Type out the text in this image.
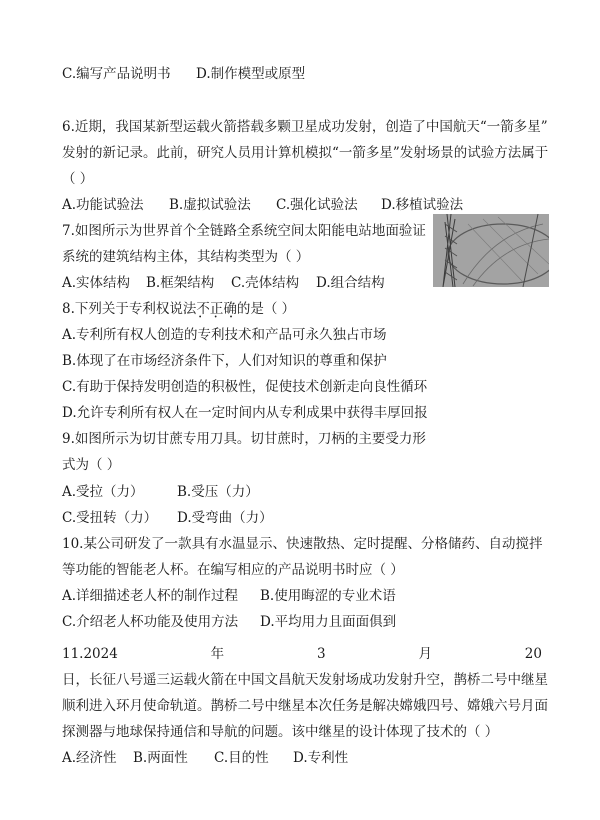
C.编写产品说明书	D.制作模型或原型
6.近期，我国某新型运载火箭搭载多颗卫星成功发射，创造了中国航天“一箭多星”
发射的新记录。此前，研究人员用计算机模拟“一箭多星”发射场景的试验方法属于
（ ）
A.功能试验法	B.虚拟试验法	C.强化试验法	D.移植试验法
7.如图所示为世界首个全链路全系统空间太阳能电站地面验证
系统的建筑结构主体，其结构类型为（ ）
A.实体结构	B.框架结构	C.壳体结构	D.组合结构
8.下列关于专利权说法不正确 • • •的是（ ）
A.专利所有权人创造的专利技术和产品可永久独占市场
B.体现了在市场经济条件下，人们对知识的尊重和保护
C.有助于保持发明创造的积极性，促使技术创新走向良性循环
D.允许专利所有权人在一定时间内从专利成果中获得丰厚回报
9.如图所示为切甘蔗专用刀具。切甘蔗时，刀柄的主要受力形
式为（ ）
A.受拉（力）	B.受压（力）
C.受扭转（力）	D.受弯曲（力）
10.某公司研发了一款具有水温显示、快速散热、定时提醒、分格储药、自动搅拌
等功能的智能老人杯。在编写相应的产品说明书时应（ ）
A.详细描述老人杯的制作过程	B.使用晦涩的专业术语
C.介绍老人杯功能及使用方法	D.平均用力且面面俱到
11.2024	年	3	月	20
日，长征八号遥三运载火箭在中国文昌航天发射场成功发射升空，鹊桥二号中继星
顺利进入环月使命轨道。鹊桥二号中继星本次任务是解决嫦娥四号、嫦娥六号月面
探测器与地球保持通信和导航的问题。该中继星的设计体现了技术的（ ）
A.经济性	B.两面性	C.目的性	D.专利性
